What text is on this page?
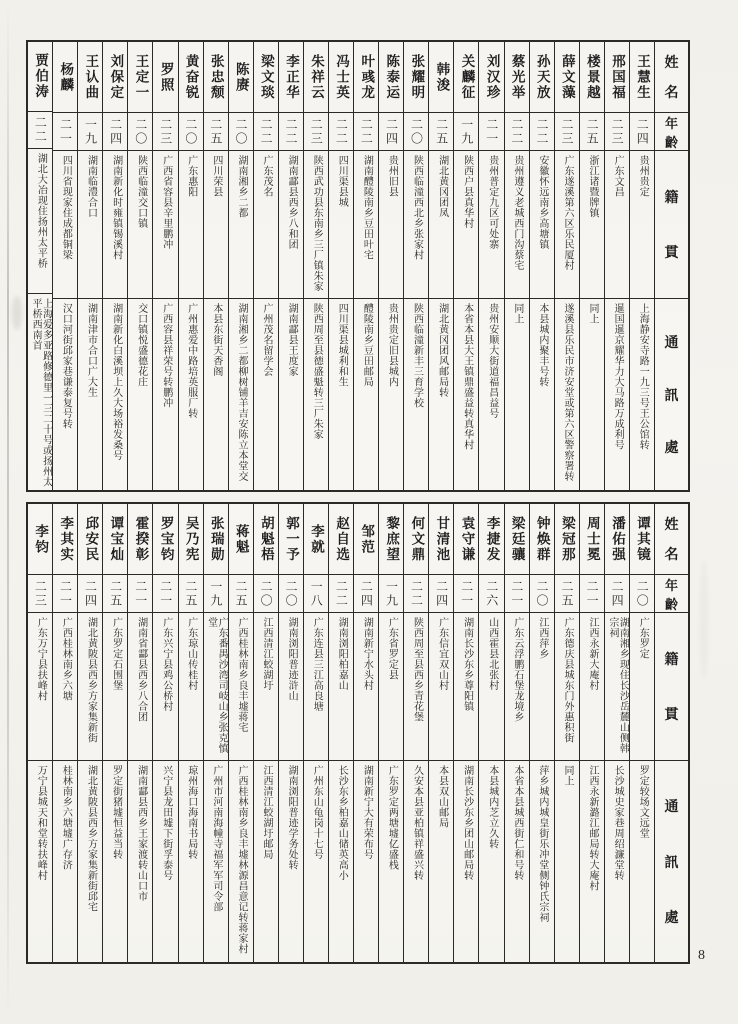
姓
名
年
齡
籍
貫
通
訊
處
王慧生
二四
贵州贵定
上海静安寺路一九三号王公馆转
邢国福
二三
广东文昌
暹国暹京耀华力大马路万成利号
楼景越
二五
浙江诸暨牌镇
同上
薛文藻
二三
广东遂溪第六区乐民厦村
遂溪县乐民市济安堂或第六区警察署转
孙天放
二二
安徽怀远南乡高塘镇
本县城内聚丰号转
蔡光举
二二
贵州遵义老城西门沟蔡宅
同上
刘汉珍
二一
贵州普定九区可处寨
贵州安顺大街道福昌益号
关麟征
一九
陕西户县真华村
本省本县大王镇鼎盛益转真华村
韩浚
二五
湖北黄冈团凤
湖北黄冈团风邮局转
张耀明
二〇
陕西临潼西北乡张家村
陕西临潼新丰三育学校
陈泰运
二四
贵州旧县
贵州贵定旧县城内
叶彧龙
二二
湖南醴陵南乡豆田叶宅
醴陵南乡豆田邮局
冯士英
二二
四川渠县城
四川渠县城利和生
朱祥云
二三
陕西武功县东南乡三厂镇朱家
陕西周至县德盛魁转三厂朱家
李正华
二二
湖南酃县西乡八和团
湖南酃县王度家
梁文琰
二二
广东茂名
广州茂名留学会
陈赓
二〇
湖南湘乡二都
湖南湘乡二都柳树铺羊吉安陈立本堂交
张忠颓
二五
四川荣县
本县东街天香阁
黄奋锐
二〇
广东惠阳
广州惠爱中路培英服厂转
罗照
二三
广西省容县辛里鹏冲
广西容县祥荣号转鹏冲
王定一
二〇
陕西临潼交口镇
交口镇悦盛德花庄
刘保定
二四
湖南新化时雍镇锡溪村
湖南新化白溪坝上久大场裕发桑号
王认曲
一九
湖南临澧合口
湖南津市合口广大生
杨麟
二一
四川省现家住成都铜梁
汉口河街邱家巷谦泰复号转
贾伯涛
二二
湖北大冶现住扬州太平桥
上海爱多亚路修德里一三二十号或扬州太平桥西南首
姓
名
年
齡
籍
貫
通
訊
處
谭其镜
二〇
广东罗定
罗定较场文远堂
潘佑强
二四
湖南湘乡现住长沙岳麓山侧韩宗祠
长沙城史家巷周绍濂堂转
周士冕
二一
江西永新大庵村
江西永新潞江邮局转大庵村
梁冠那
二五
广东德庆县城东门外惠积街
同上
钟焕群
二〇
江西萍乡
萍乡城内城皇街乐冲堂侧钟氏宗祠
梁廷骧
二一
广东云浮鹏石堡龙境乡
本省本县城西街仁和号转
李捷发
二六
山西霍县北张村
本县城内芝立久转
袁守谦
二一
湖南长沙东乡尊阳镇
湖南长沙东乡团山邮局转
甘清池
二四
广东信宜双山村
本县双山邮局
何文鼎
二二
陕西周至县西乡青花堡
久安本县亚柏镇祥盛兴转
黎庶望
一九
广东省罗定县
广东罗定两塘墟亿盛栈
邹范
二四
湖南新宁水头村
湖南新宁大有荣布号
赵自选
二二
湖南浏阳柏嘉山
长沙东乡柏嘉山储英高小
李就
一八
广东连县三江高良塘
广州东山龟岗十七号
郭一予
二〇
湖南浏阳普迹浒山
湖南浏阳普迹学务处转
胡魁梧
二〇
江西清江蛟湖圩
江西清江蛟湖圩邮局
蒋魁
二五
广西桂林南乡良丰墟蒋宅
广西桂林南乡良丰墟林源昌意记转蒋家村
张瑞勋
一九
广东番禺沙湾司岐山乡张克慎堂
广州市河南海幢寺福军军司令部
吴乃宪
二五
广东琼山传桂村
琼州海口海南书局转
罗宝钧
二一
广东兴宁县鸡公桥村
兴宁县龙田墟下街孚泰号
霍揆彰
二一
湖南省酃县西乡八合团
湖南酃县西乡王家渡转山口市
谭宝灿
二五
广东罗定石围堡
罗定街猪墟恒益当转
邱安民
二四
湖北黄陂县西乡方家集新街
湖北黄陂县西乡方家集新街邱宅
李其实
二一
广西桂林南乡六塘
桂林南乡六塘墟广存济
李钧
二三
广东万宁县扶峰村
万宁县城天和堂转扶峰村
8
